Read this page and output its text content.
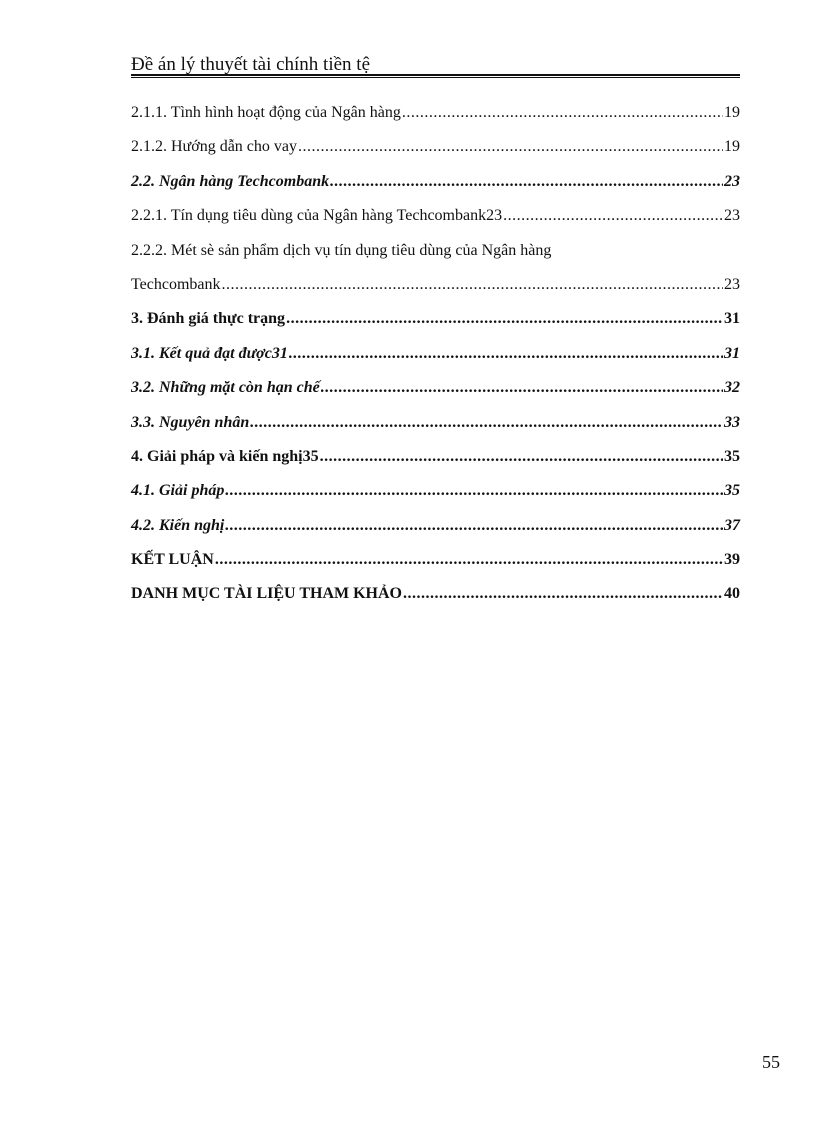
Đề án lý thuyết tài chính tiền tệ
2.1.1. Tình hình hoạt động của Ngân hàng .....	19
2.1.2. Hướng dẫn cho vay .....	19
2.2. Ngân hàng Techcombank .....	23
2.2.1. Tín dụng tiêu dùng của Ngân hàng Techcombank23 .....	23
2.2.2. Mét sè sản phẩm dịch vụ tín dụng tiêu dùng của Ngân hàng
Techcombank .....	23
3. Đánh giá thực trạng .....	31
3.1. Kết quả đạt được31 .....	31
3.2. Những mặt còn hạn chế .....	32
3.3. Nguyên nhân .....	33
4. Giải pháp và kiến nghị35 .....	35
4.1. Giải pháp .....	35
4.2. Kiến nghị .....	37
KẾT LUẬN .....	39
DANH MỤC TÀI LIỆU THAM KHẢO .....	40
55
